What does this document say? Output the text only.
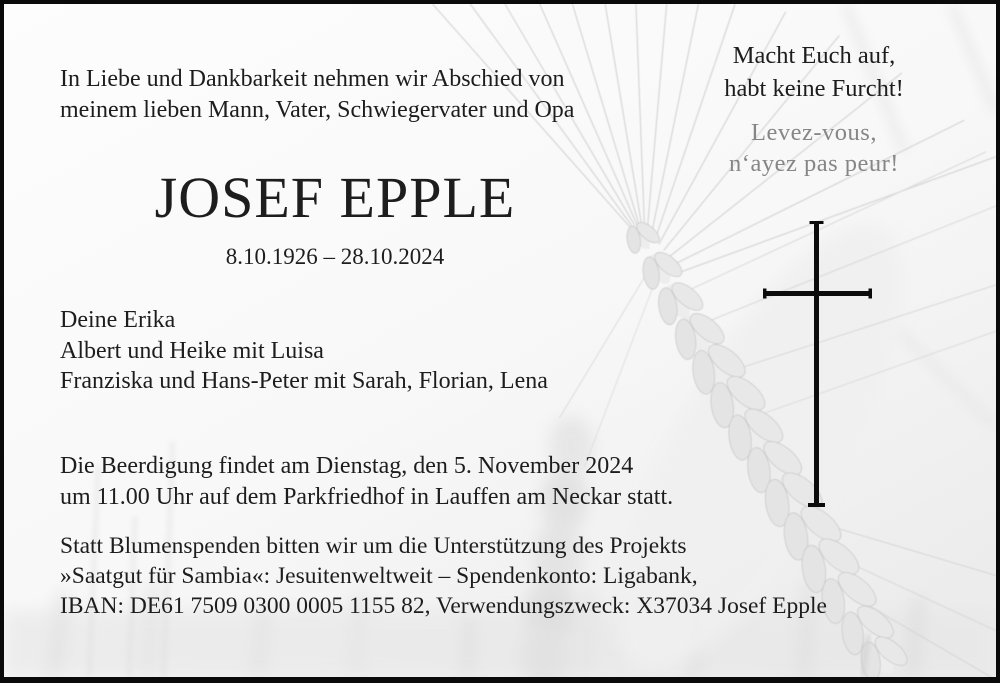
In Liebe und Dankbarkeit nehmen wir Abschied von
meinem lieben Mann, Vater, Schwiegervater und Opa
JOSEF EPPLE
8.10.1926 – 28.10.2024
Deine Erika
Albert und Heike mit Luisa
Franziska und Hans-Peter mit Sarah, Florian, Lena
Die Beerdigung findet am Dienstag, den 5. November 2024
um 11.00 Uhr auf dem Parkfriedhof in Lauffen am Neckar statt.
Statt Blumenspenden bitten wir um die Unterstützung des Projekts
»Saatgut für Sambia«: Jesuitenweltweit – Spendenkonto: Ligabank,
IBAN: DE61 7509 0300 0005 1155 82, Verwendungszweck: X37034 Josef Epple
Macht Euch auf,
habt keine Furcht!
Levez-vous,
n‘ayez pas peur!
